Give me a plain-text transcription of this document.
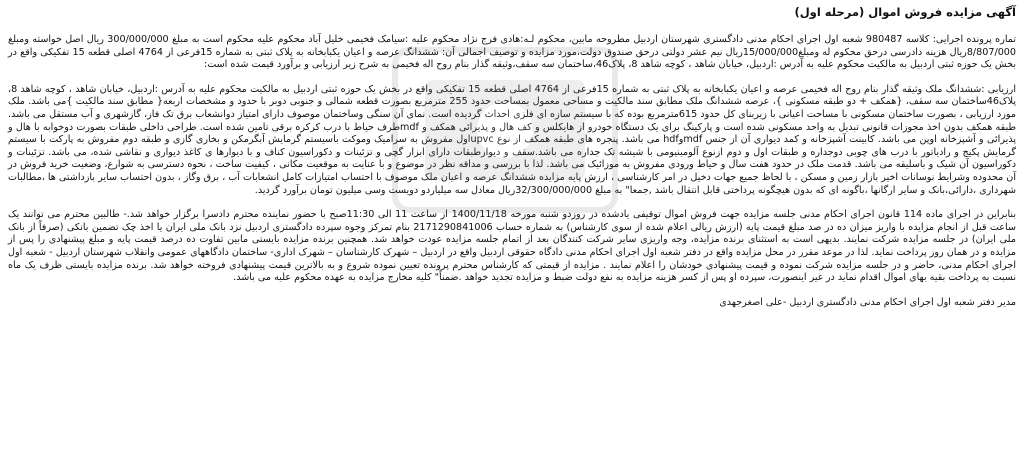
آگهی مزایده فروش اموال (مرحله اول)

تماره پرونده اجرایی: کلاسه 980487 شعبه اول اجرای احکام مدنی دادگستری شهرستان اردبیل مطروحه مابین، محکوم لـه:هادی فرج نژاد محکوم علیه :سیامک فخیمی خلیل آباد محکوم علیه محکوم است به مبلغ 300/000/000 ریال اصل خواسته ومبلغ 8/807/000ریال هزینه دادرسی درحق محکوم له ومبلغ15/000/000ریال نیم عشر دولتی درحق صندوق دولت،مورد مزایده و توصیف اجمالی آن: ششدانگ عرصه و اعیان یکبابخانه به پلاک ثبتی به شماره 15فرعی از 4764 اصلی قطعه 15 تفکیکی واقع در بخش یک حوزه ثبتی اردبیل به مالکیت محکوم علیه به آدرس :اردبیل، خیابان شاهد ، کوچه شاهد 8، پلاک46،ساختمان سه سقف،وثیقه گذار بنام روح اله فخیمی به شرح زیر ارزیابی و برآورد قیمت شده است:

ارزیابی :ششدانگ ملک وثیقه گذار بنام روح اله فخیمی عرصه و اعیان یکبابخانه به پلاک ثبتی به شماره 15فرعی از 4764 اصلی قطعه 15 تفکیکی واقع در بخش یک حوزه ثبتی اردبیل به مالکیت محکوم علیه به آدرس :اردبیل، خیابان شاهد ، کوچه شاهد 8، پلاک46ساختمان سه سقف، {همکف + دو طبقه مسکونی }، عرصه ششدانگ ملک مطابق سند مالکیت و مساحی معمول بمساحت حدود 255 مترمربع بصورت قطعه شمالی و جنوبی دوبر با حدود و مشخصات اربعه{ مطابق سند مالکیت }می باشد. ملک مورد ارزیابی ، بصورت ساختمان مسکونی با مساحت اعیانی با زیربنای کل حدود 615مترمربع بوده که با سیستم سازه ای فلزی احداث گردیده است. نمای آن سنگی وساختمان موصوف دارای امتیاز دوانشعاب برق تک فاز، گازشهری و آب مستقل می باشد. طبقه همکف بدون اخذ مجوزات قانونی تبدیل به واحد مسکونی شده است و پارکینگ برای یک دستگاه خودرو از هایکلس و کف هال و پذیرائی همکف و mdfطرف حیاط با درب کرکره برقی تامین شده است. طراحی داخلی طبقات بصورت دوخوابه با هال و پذیرائی و آشپزخانه اوپن می باشد. کابینت آشپزخانه و کمد دیواری آن از جنس mdfوhdf می باشد. پنجره های طبقه همکف از نوع upvcاول مفروش به سرامیک وموکت باسیستم گرمایش آبگرمکن و بخاری گازی و طبقه دوم مفروش به پارکت با سیستم گرمایش پکیج و رادیاتور با درب های چوبی دوجداره و طبقات اول و دوم ازنوع آلومینیومی با شیشه تک جداره می باشد.سقف و دیوارطبقات دارای ابزار گچی و تزئینات و دکوراسیون کناف و با دیوارها ی کاغذ دیواری و نقاشی شده، می باشد. تزئینات و دکوراسیون آن شیک و باسلیقه می باشد. قدمت ملک در حدود هفت سال و حیاط ورودی مفروش به موزائیک می باشد. لذا با بررسی و مداقه نظر در موضوع و با عنایت به موقعیت مکانی ، کیفیت ساخت ، نحوه دسترسی به شوارع، وضعیت خرید فروش در آن محدوده وشرایط نوسانات اخیر بازار زمین و مسکن ، با لحاظ جمیع جهات دخیل در امر کارشناسی ، ارزش پایه مزایده ششدانگ عرصه و اعیان ملک موصوف با احتساب امتیازات کامل انشعابات آب ، برق وگاز ، بدون احتساب سایر بازداشتی ها ،مطالبات شهرداری ،دارائی،بانک و سایر ارگانها ،باگونه ای که بدون هیچگونه پرداختی قابل انتقال باشد ,جمعا" به مبلغ 32/300/000/000ریال معادل سه میلیاردو دویست وسی میلیون تومان برآورد گردید.

بنابراین در اجرای ماده 114 قانون اجرای احکام مدنی جلسه مزایده جهت فروش اموال توقیفی یادشده در روزدو شنبه مورخه 1400/11/18 از ساعت 11 الی 11:30صبح با حضور نماینده محترم دادسرا برگزار خواهد شد.- طالبین محترم می توانند یک ساعت قبل از انجام مزایده با واریز میزان ده در صد مبلغ قیمت پایه (ارزش ریالی اعلام شده از سوی کارشناس) به شماره حساب 2171290841006 بنام تمرکز وجوه سپرده دادگستری اردبیل نزد بانک ملی ایران یا اخذ چک تضمین بانکی (صرفاً از بانک ملی ایران) در جلسه مزایده شرکت نمایند. بدیهی است به استثنای برنده مزایده، وجه واریزی سایر شرکت کنندگان بعد از اتمام جلسه مزایده عودت خواهد شد. همچنین برنده مزایده بایستی مابین تفاوت ده درصد قیمت پایه و مبلغ پیشنهادی را پس از مزایده و در همان روز پرداخت نماید. لذا در موعد مقرر در محل مزایده واقع در دفتر شعبه اول اجرای احکام مدنی دادگاه حقوقی اردبیل واقع در اردبیل – شهرک کارشناسان – شهرک اداری- ساختمان دادگاههای عمومی وانقلاب شهرستان اردبیل - شعبه اول اجرای احکام مدنی، حاضر و در جلسه مزایده شرکت نموده و قیمت پیشنهادی خودشان را اعلام نمایند . مزایده از قیمتی که کارشناس محترم پرونده تعیین نموده شروع و به بالاترین قیمت پیشنهادی فروخته خواهد شد. برنده مزایده بایستی ظرف یک ماه نسبت به پرداخت بقیه بهای اموال اقدام نماید در غیر اینصورت، سپرده او پس از کسر هزینه مزایده به نفع دولت ضبط و مزایده تجدید خواهد .ضمناً" کلیه مخارج مزایده به عهده محکوم علیه می باشد.

مدیر دفتر شعبه اول اجرای احکام مدنی دادگستری اردبیل -علی اصغرجهدی
